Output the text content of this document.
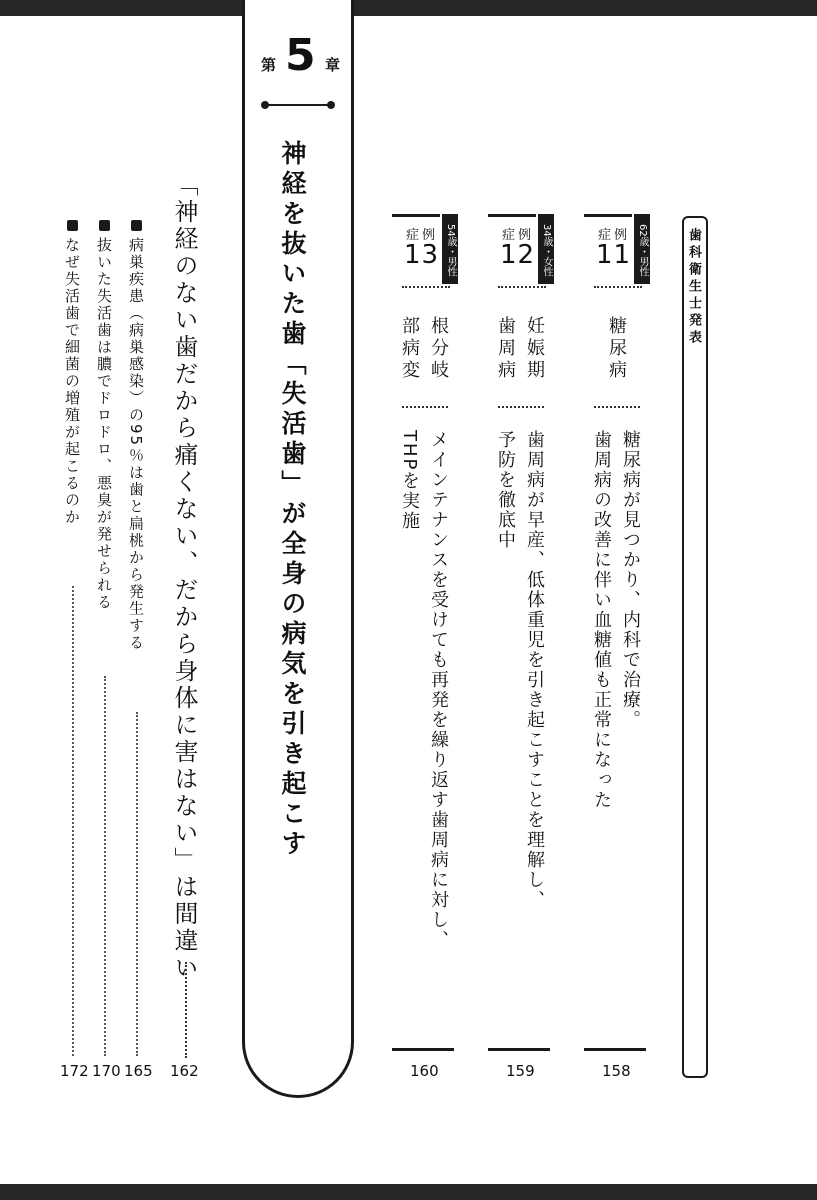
第 5 章
神経を抜いた歯「失活歯」が全身の病気を引き起こす
「神経のない歯だから痛くない、だから身体に害はない」は間違い
162
病巣疾患（病巣感染）の95％は歯と扁桃から発生する
165
抜いた失活歯は膿でドロドロ、悪臭が発せられる
170
なぜ失活歯で細菌の増殖が起こるのか
172
症例
13 54歳・男性
根分岐
部病変
メインテナンスを受けても再発を繰り返す歯周病に対し、
THPを実施
160
症例
12 34歳・女性
妊娠期
歯周病
歯周病が早産、低体重児を引き起こすことを理解し、
予防を徹底中
159
症例
11 62歳・男性
糖尿病
糖尿病が見つかり、内科で治療。
歯周病の改善に伴い血糖値も正常になった
158
歯科衛生士発表
